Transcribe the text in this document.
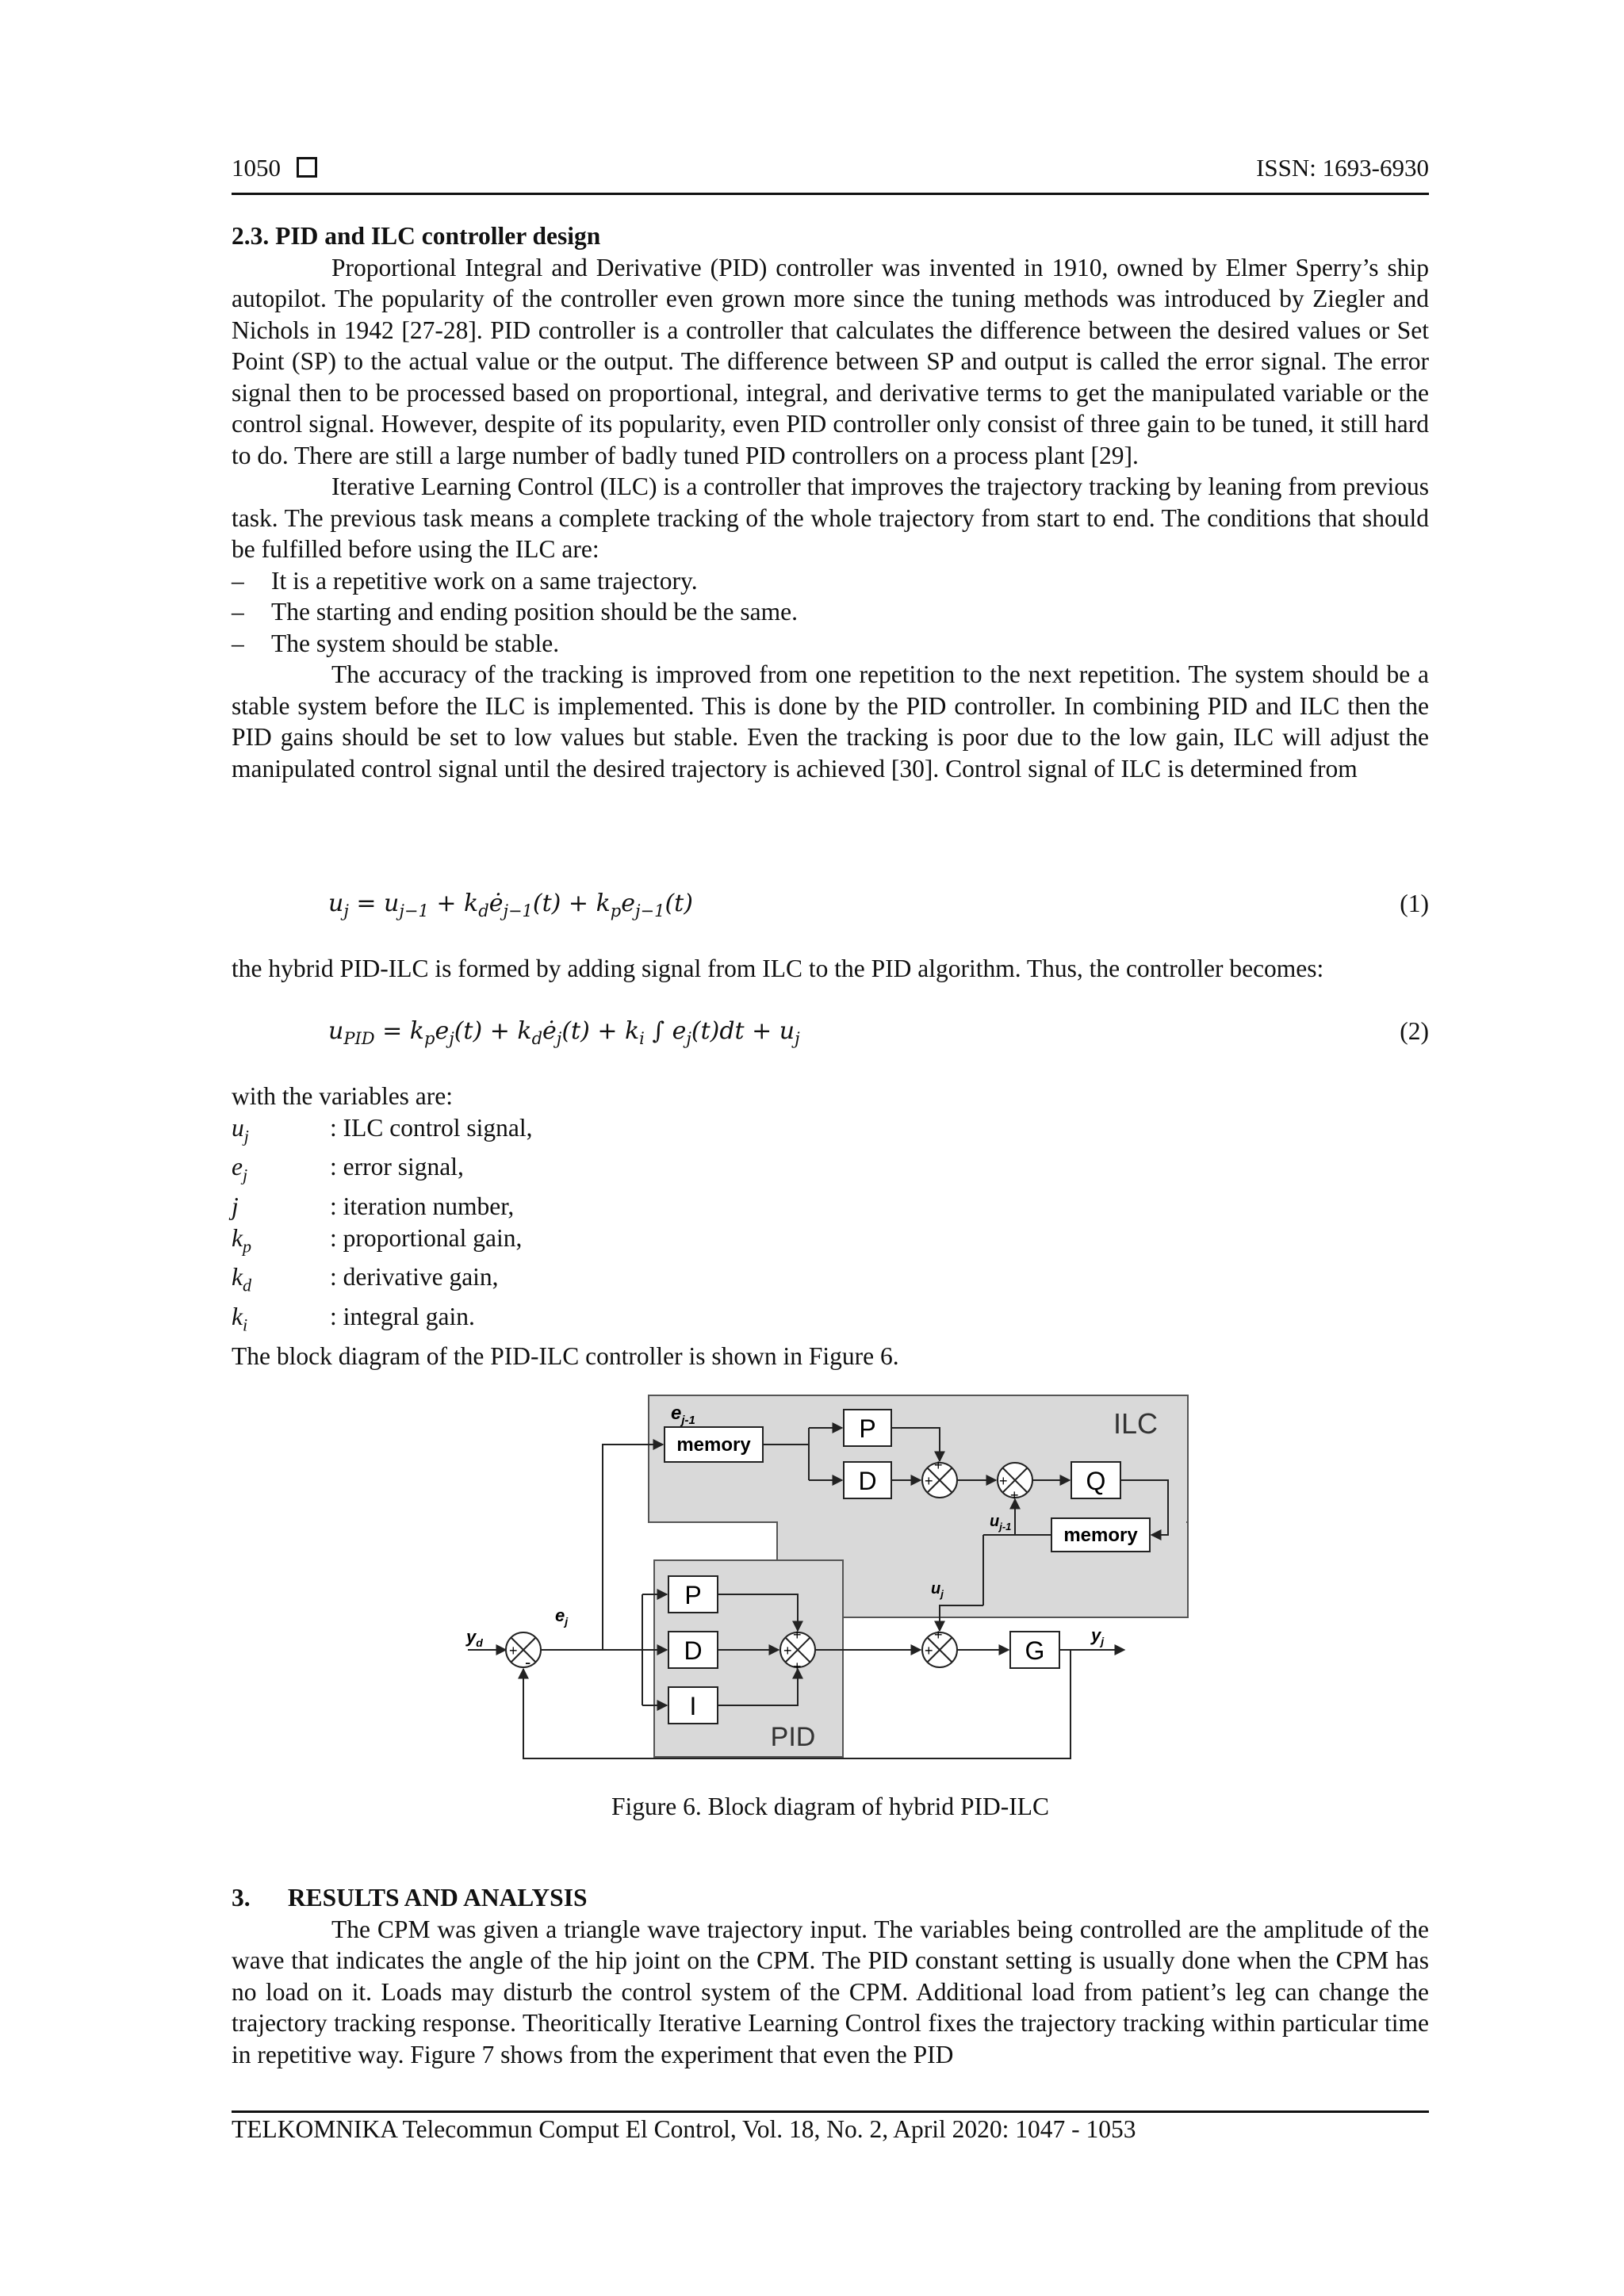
1050	ISSN: 1693-6930

2.3. PID and ILC controller design

Proportional Integral and Derivative (PID) controller was invented in 1910, owned by Elmer Sperry’s ship autopilot. The popularity of the controller even grown more since the tuning methods was introduced by Ziegler and Nichols in 1942 [27-28]. PID controller is a controller that calculates the difference between the desired values or Set Point (SP) to the actual value or the output. The difference between SP and output is called the error signal. The error signal then to be processed based on proportional, integral, and derivative terms to get the manipulated variable or the control signal. However, despite of its popularity, even PID controller only consist of three gain to be tuned, it still hard to do. There are still a large number of badly tuned PID controllers on a process plant [29].

Iterative Learning Control (ILC) is a controller that improves the trajectory tracking by leaning from previous task. The previous task means a complete tracking of the whole trajectory from start to end. The conditions that should be fulfilled before using the ILC are:

– It is a repetitive work on a same trajectory.
– The starting and ending position should be the same.
– The system should be stable.

The accuracy of the tracking is improved from one repetition to the next repetition. The system should be a stable system before the ILC is implemented. This is done by the PID controller. In combining PID and ILC then the PID gains should be set to low values but stable. Even the tracking is poor due to the low gain, ILC will adjust the manipulated control signal until the desired trajectory is achieved [30]. Control signal of ILC is determined from

$u_j = u_{j-1}$ + $k_dė_{j-1}(t) + k_pe_{j-1}(t)$	(1)

the hybrid PID-ILC is formed by adding signal from ILC to the PID algorithm. Thus, the controller becomes:

$u_{PID} = k_pe_j(t)$ + $k_dė_j(t) + k_i$ ∫ $e_j(t)dt + u_j$	(2)
with the variables are:
$u_j$	: ILC control signal,
$e_j$	: error signal,
j	: iteration number,
$k_p$	: proportional gain,
$k_d$	: derivative gain,
$k_i$	: integral gain.
The block diagram of the PID-ILC controller is shown in Figure 6.
ILC
PID
memory
$e_{j-1}$	P
D
+
+	+
+	Q
memory
$u_{j-1}$
P
D
I
+
+
+
$y_d$ +
-
$e_j$
+
+
$u_j$
G
$y_j$
Figure 6. Block diagram of hybrid PID-ILC

3.      RESULTS AND ANALYSIS

The CPM was given a triangle wave trajectory input. The variables being controlled are the amplitude of the wave that indicates the angle of the hip joint on the CPM. The PID constant setting is usually done when the CPM has no load on it. Loads may disturb the control system of the CPM. Additional load from patient’s leg can change the trajectory tracking response. Theoritically Iterative Learning Control fixes the trajectory tracking within particular time in repetitive way. Figure 7 shows from the experiment that even the PID

TELKOMNIKA Telecommun Comput El Control, Vol. 18, No. 2, April 2020: 1047 - 1053
